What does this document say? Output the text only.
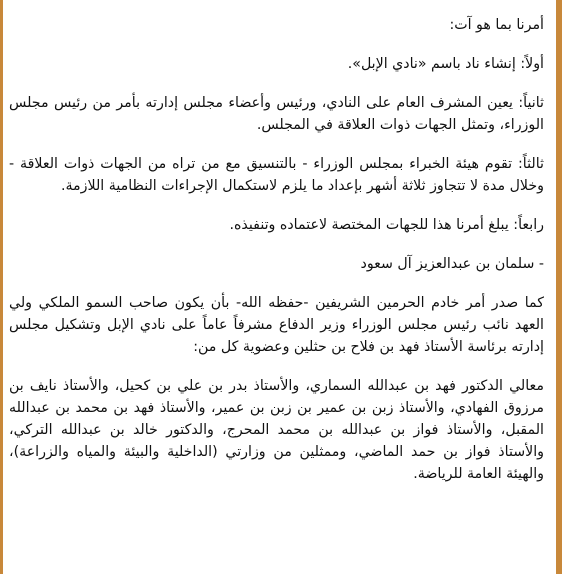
أمرنا بما هو آت:

أولاً: إنشاء ناد باسم «نادي الإبل».

ثانياً: يعين المشرف العام على النادي، ورئيس وأعضاء مجلس إدارته بأمر من رئيس مجلس الوزراء، وتمثل الجهات ذوات العلاقة في المجلس.

ثالثاً: تقوم هيئة الخبراء بمجلس الوزراء - بالتنسيق مع من تراه من الجهات ذوات العلاقة - وخلال مدة لا تتجاوز ثلاثة أشهر بإعداد ما يلزم لاستكمال الإجراءات النظامية اللازمة.

رابعاً: يبلغ أمرنا هذا للجهات المختصة لاعتماده وتنفيذه.

- سلمان بن عبدالعزيز آل سعود

كما صدر أمر خادم الحرمين الشريفين -حفظه الله- بأن يكون صاحب السمو الملكي ولي العهد نائب رئيس مجلس الوزراء وزير الدفاع مشرفاً عاماً على نادي الإبل وتشكيل مجلس إدارته برئاسة الأستاذ فهد بن فلاح بن حثلين وعضوية كل من:

معالي الدكتور فهد بن عبدالله السماري، والأستاذ بدر بن علي بن كحيل، والأستاذ نايف بن مرزوق الفهادي، والأستاذ زبن بن عمير بن زبن بن عمير، والأستاذ فهد بن محمد بن عبدالله المقبل، والأستاذ فواز بن عبدالله بن محمد المحرج، والدكتور خالد بن عبدالله التركي، والأستاذ فواز بن حمد الماضي، وممثلين من وزارتي (الداخلية والبيئة والمياه والزراعة)، والهيئة العامة للرياضة.
